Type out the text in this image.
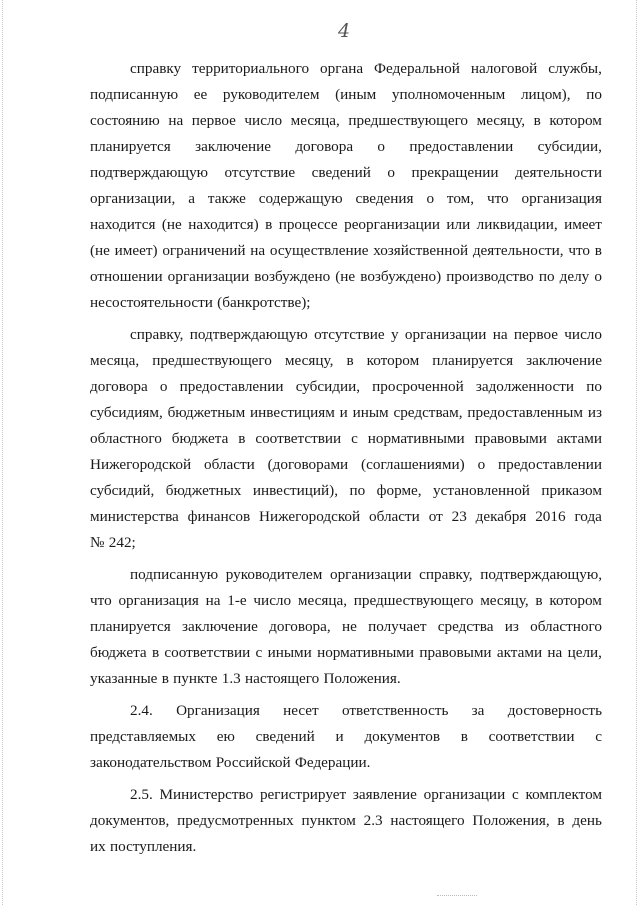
4
справку территориального органа Федеральной налоговой службы,
подписанную ее руководителем (иным уполномоченным лицом), по
состоянию на первое число месяца, предшествующего месяцу, в котором
планируется заключение договора о предоставлении субсидии,
подтверждающую отсутствие сведений о прекращении деятельности
организации, а также содержащую сведения о том, что организация
находится (не находится) в процессе реорганизации или ликвидации, имеет
(не имеет) ограничений на осуществление хозяйственной деятельности, что в
отношении организации возбуждено (не возбуждено) производство по делу о
несостоятельности (банкротстве);
справку, подтверждающую отсутствие у организации на первое число
месяца, предшествующего месяцу, в котором планируется заключение
договора о предоставлении субсидии, просроченной задолженности по
субсидиям, бюджетным инвестициям и иным средствам, предоставленным из
областного бюджета в соответствии с нормативными правовыми актами
Нижегородской области (договорами (соглашениями) о предоставлении
субсидий, бюджетных инвестиций), по форме, установленной приказом
министерства финансов Нижегородской области от 23 декабря 2016 года
№ 242;
подписанную руководителем организации справку, подтверждающую,
что организация на 1-е число месяца, предшествующего месяцу, в котором
планируется заключение договора, не получает средства из областного
бюджета в соответствии с иными нормативными правовыми актами на цели,
указанные в пункте 1.3 настоящего Положения.
2.4. Организация несет ответственность за достоверность
представляемых ею сведений и документов в соответствии с
законодательством Российской Федерации.
2.5. Министерство регистрирует заявление организации с комплектом
документов, предусмотренных пунктом 2.3 настоящего Положения, в день
их поступления.
